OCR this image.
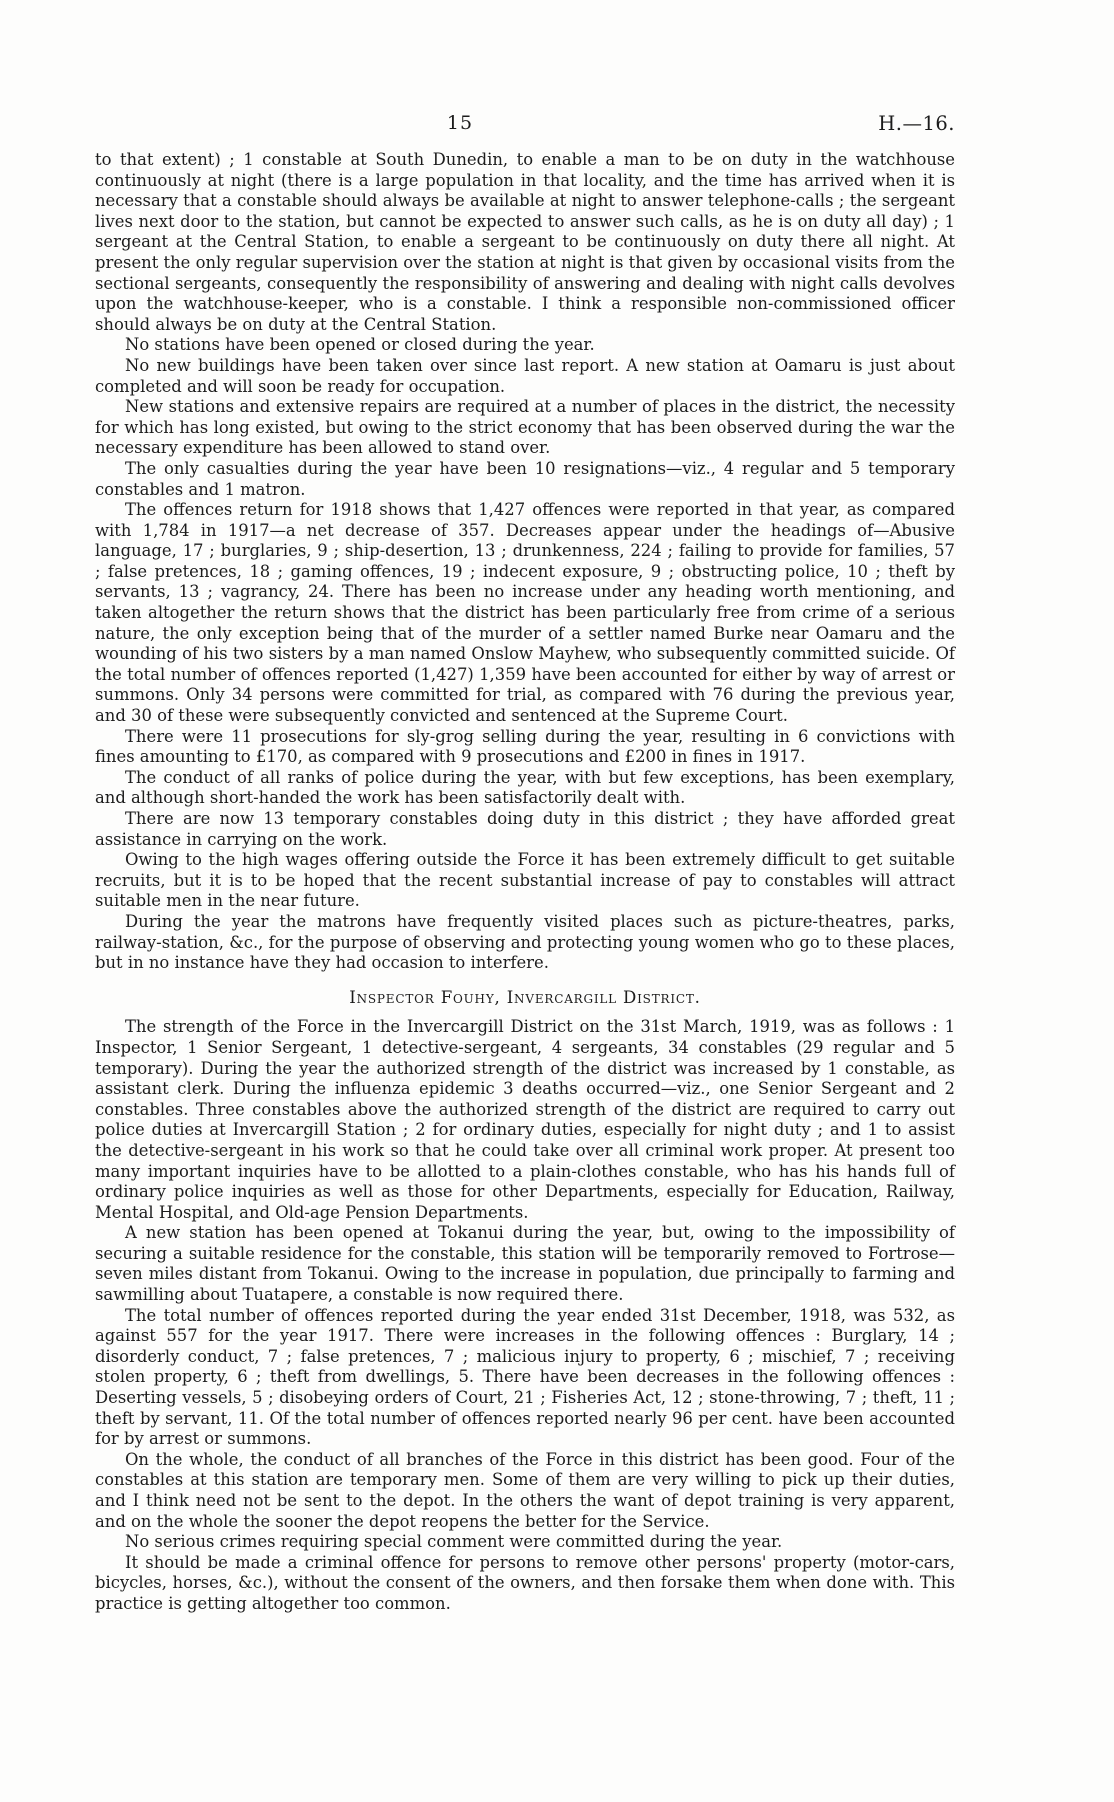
15	H.—16.

to that extent) ; 1 constable at South Dunedin, to enable a man to be on duty in the watchhouse continuously at night (there is a large population in that locality, and the time has arrived when it is necessary that a constable should always be available at night to answer telephone-calls ; the sergeant lives next door to the station, but cannot be expected to answer such calls, as he is on duty all day) ; 1 sergeant at the Central Station, to enable a sergeant to be continuously on duty there all night. At present the only regular supervision over the station at night is that given by occasional visits from the sectional sergeants, consequently the responsibility of answering and dealing with night calls devolves upon the watchhouse-keeper, who is a constable. I think a responsible non-commissioned officer should always be on duty at the Central Station.

No stations have been opened or closed during the year.

No new buildings have been taken over since last report. A new station at Oamaru is just about completed and will soon be ready for occupation.

New stations and extensive repairs are required at a number of places in the district, the necessity for which has long existed, but owing to the strict economy that has been observed during the war the necessary expenditure has been allowed to stand over.

The only casualties during the year have been 10 resignations—viz., 4 regular and 5 temporary constables and 1 matron.

The offences return for 1918 shows that 1,427 offences were reported in that year, as compared with 1,784 in 1917—a net decrease of 357. Decreases appear under the headings of—Abusive language, 17 ; burglaries, 9 ; ship-desertion, 13 ; drunkenness, 224 ; failing to provide for families, 57 ; false pretences, 18 ; gaming offences, 19 ; indecent exposure, 9 ; obstructing police, 10 ; theft by servants, 13 ; vagrancy, 24. There has been no increase under any heading worth mentioning, and taken altogether the return shows that the district has been particularly free from crime of a serious nature, the only exception being that of the murder of a settler named Burke near Oamaru and the wounding of his two sisters by a man named Onslow Mayhew, who subsequently committed suicide. Of the total number of offences reported (1,427) 1,359 have been accounted for either by way of arrest or summons. Only 34 persons were committed for trial, as compared with 76 during the previous year, and 30 of these were subsequently convicted and sentenced at the Supreme Court.

There were 11 prosecutions for sly-grog selling during the year, resulting in 6 convictions with fines amounting to £170, as compared with 9 prosecutions and £200 in fines in 1917.

The conduct of all ranks of police during the year, with but few exceptions, has been exemplary, and although short-handed the work has been satisfactorily dealt with.

There are now 13 temporary constables doing duty in this district ; they have afforded great assistance in carrying on the work.

Owing to the high wages offering outside the Force it has been extremely difficult to get suitable recruits, but it is to be hoped that the recent substantial increase of pay to constables will attract suitable men in the near future.

During the year the matrons have frequently visited places such as picture-theatres, parks, railway-station, &c., for the purpose of observing and protecting young women who go to these places, but in no instance have they had occasion to interfere.

Inspector Fouhy, Invercargill District.

The strength of the Force in the Invercargill District on the 31st March, 1919, was as follows : 1 Inspector, 1 Senior Sergeant, 1 detective-sergeant, 4 sergeants, 34 constables (29 regular and 5 temporary). During the year the authorized strength of the district was increased by 1 constable, as assistant clerk. During the influenza epidemic 3 deaths occurred—viz., one Senior Sergeant and 2 constables. Three constables above the authorized strength of the district are required to carry out police duties at Invercargill Station ; 2 for ordinary duties, especially for night duty ; and 1 to assist the detective-sergeant in his work so that he could take over all criminal work proper. At present too many important inquiries have to be allotted to a plain-clothes constable, who has his hands full of ordinary police inquiries as well as those for other Departments, especially for Education, Railway, Mental Hospital, and Old-age Pension Departments.

A new station has been opened at Tokanui during the year, but, owing to the impossibility of securing a suitable residence for the constable, this station will be temporarily removed to Fortrose—seven miles distant from Tokanui. Owing to the increase in population, due principally to farming and sawmilling about Tuatapere, a constable is now required there.

The total number of offences reported during the year ended 31st December, 1918, was 532, as against 557 for the year 1917. There were increases in the following offences : Burglary, 14 ; disorderly conduct, 7 ; false pretences, 7 ; malicious injury to property, 6 ; mischief, 7 ; receiving stolen property, 6 ; theft from dwellings, 5. There have been decreases in the following offences : Deserting vessels, 5 ; disobeying orders of Court, 21 ; Fisheries Act, 12 ; stone-throwing, 7 ; theft, 11 ; theft by servant, 11. Of the total number of offences reported nearly 96 per cent. have been accounted for by arrest or summons.

On the whole, the conduct of all branches of the Force in this district has been good. Four of the constables at this station are temporary men. Some of them are very willing to pick up their duties, and I think need not be sent to the depot. In the others the want of depot training is very apparent, and on the whole the sooner the depot reopens the better for the Service.

No serious crimes requiring special comment were committed during the year.

It should be made a criminal offence for persons to remove other persons' property (motor-cars, bicycles, horses, &c.), without the consent of the owners, and then forsake them when done with. This practice is getting altogether too common.
